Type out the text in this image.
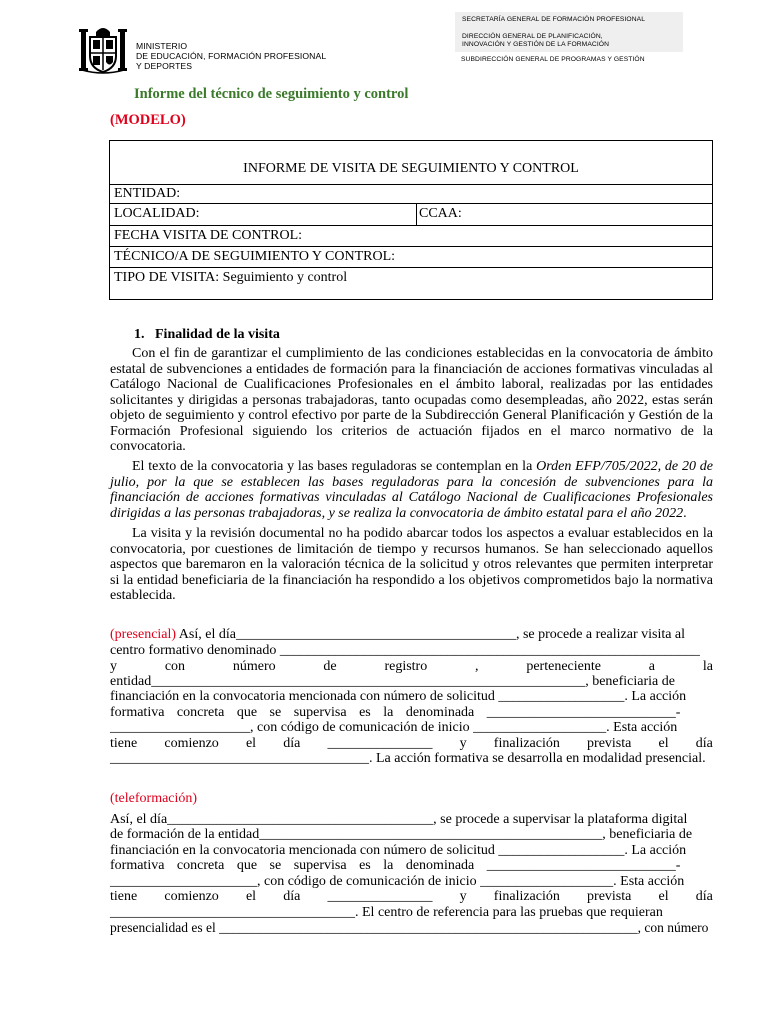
MINISTERIO
DE EDUCACIÓN, FORMACIÓN PROFESIONAL
Y DEPORTES
SECRETARÍA GENERAL DE FORMACIÓN PROFESIONAL
DIRECCIÓN GENERAL DE PLANIFICACIÓN,
INNOVACIÓN Y GESTIÓN DE LA FORMACIÓN
SUBDIRECCIÓN GENERAL DE PROGRAMAS Y GESTIÓN
Informe del técnico de seguimiento y control
(MODELO)
INFORME DE VISITA DE SEGUIMIENTO Y CONTROL
ENTIDAD:
LOCALIDAD:	CCAA:
FECHA VISITA DE CONTROL:
TÉCNICO/A DE SEGUIMIENTO Y CONTROL:
TIPO DE VISITA: Seguimiento y control
1.   Finalidad de la visita

Con el fin de garantizar el cumplimiento de las condiciones establecidas en la convocatoria de ámbito estatal de subvenciones a entidades de formación para la financiación de acciones formativas vinculadas al Catálogo Nacional de Cualificaciones Profesionales en el ámbito laboral, realizadas por las entidades solicitantes y dirigidas a personas trabajadoras, tanto ocupadas como desempleadas, año 2022, estas serán objeto de seguimiento y control efectivo por parte de la Subdirección General Planificación y Gestión de la Formación Profesional siguiendo los criterios de actuación fijados en el marco normativo de la convocatoria.

El texto de la convocatoria y las bases reguladoras se contemplan en la Orden EFP/705/2022, de 20 de julio, por la que se establecen las bases reguladoras para la concesión de subvenciones para la financiación de acciones formativas vinculadas al Catálogo Nacional de Cualificaciones Profesionales dirigidas a las personas trabajadoras, y se realiza la convocatoria de ámbito estatal para el año 2022.

La visita y la revisión documental no ha podido abarcar todos los aspectos a evaluar establecidos en la convocatoria, por cuestiones de limitación de tiempo y recursos humanos. Se han seleccionado aquellos aspectos que baremaron en la valoración técnica de la solicitud y otros relevantes que permiten interpretar si la entidad beneficiaria de la financiación ha respondido a los objetivos comprometidos bajo la normativa establecida.

(presencial) Así, el día________________________________________, se procede a realizar visita al
centro formativo denominado ____________________________________________________________
y	con	número	de	registro	,	perteneciente	a	la
entidad______________________________________________________________, beneficiaria de
financiación en la convocatoria mencionada con número de solicitud __________________. La acción
formativa concreta que se supervisa es la denominada ___________________________-
____________________, con código de comunicación de inicio ___________________. Esta acción
tiene comienzo el día _______________ y finalización prevista el día
_____________________________________. La acción formativa se desarrolla en modalidad presencial.
(teleformación)
Así, el día______________________________________, se procede a supervisar la plataforma digital
de formación de la entidad_________________________________________________, beneficiaria de
financiación en la convocatoria mencionada con número de solicitud __________________. La acción
formativa concreta que se supervisa es la denominada ___________________________-
_____________________, con código de comunicación de inicio ___________________. Esta acción
tiene comienzo el día _______________ y finalización prevista el día
___________________________________. El centro de referencia para las pruebas que requieran
presencialidad es el ______________________________________________________________, con número
